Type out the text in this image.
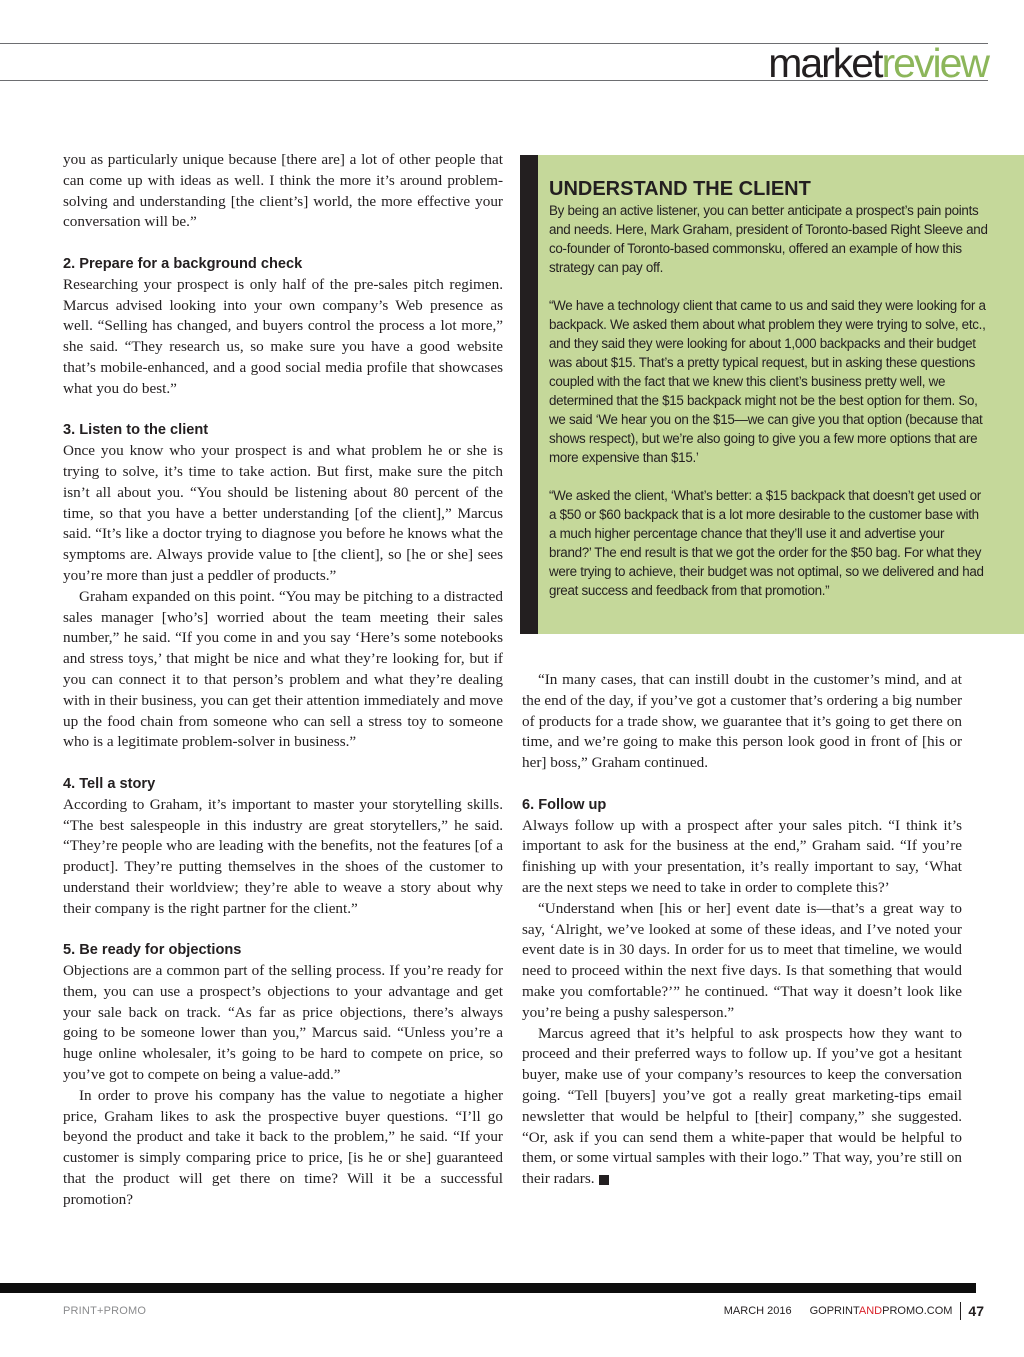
marketreview

you as particularly unique because [there are] a lot of other people that can come up with ideas as well. I think the more it’s around problem-solving and understanding [the client’s] world, the more effective your conversation will be.”

2. Prepare for a background check

Researching your prospect is only half of the pre-sales pitch regimen. Marcus advised looking into your own company’s Web presence as well. “Selling has changed, and buyers control the process a lot more,” she said. “They research us, so make sure you have a good website that’s mobile-enhanced, and a good social media profile that showcases what you do best.”

3. Listen to the client

Once you know who your prospect is and what problem he or she is trying to solve, it’s time to take action. But first, make sure the pitch isn’t all about you. “You should be listening about 80 percent of the time, so that you have a better understanding [of the client],” Marcus said. “It’s like a doctor trying to diagnose you before he knows what the symptoms are. Always provide value to [the client], so [he or she] sees you’re more than just a peddler of products.”

Graham expanded on this point. “You may be pitching to a distracted sales manager [who’s] worried about the team meeting their sales number,” he said. “If you come in and you say ‘Here’s some notebooks and stress toys,’ that might be nice and what they’re looking for, but if you can connect it to that person’s problem and what they’re dealing with in their business, you can get their attention immediately and move up the food chain from someone who can sell a stress toy to someone who is a legitimate problem-solver in business.”

4. Tell a story

According to Graham, it’s important to master your storytelling skills. “The best salespeople in this industry are great storytellers,” he said. “They’re people who are leading with the benefits, not the features [of a product]. They’re putting themselves in the shoes of the customer to understand their worldview; they’re able to weave a story about why their company is the right partner for the client.”

5. Be ready for objections

Objections are a common part of the selling process. If you’re ready for them, you can use a prospect’s objections to your advantage and get your sale back on track. “As far as price objections, there’s always going to be someone lower than you,” Marcus said. “Unless you’re a huge online wholesaler, it’s going to be hard to compete on price, so you’ve got to compete on being a value-add.”

In order to prove his company has the value to negotiate a higher price, Graham likes to ask the prospective buyer questions. “I’ll go beyond the product and take it back to the problem,” he said. “If your customer is simply comparing price to price, [is he or she] guaranteed that the product will get there on time? Will it be a successful promotion?

UNDERSTAND THE CLIENT

By being an active listener, you can better anticipate a prospect’s pain points and needs. Here, Mark Graham, president of Toronto-based Right Sleeve and co-founder of Toronto-based commonsku, offered an example of how this strategy can pay off.

“We have a technology client that came to us and said they were looking for a backpack. We asked them about what problem they were trying to solve, etc., and they said they were looking for about 1,000 backpacks and their budget was about $15. That’s a pretty typical request, but in asking these questions coupled with the fact that we knew this client’s business pretty well, we determined that the $15 backpack might not be the best option for them. So, we said ‘We hear you on the $15—we can give you that option (because that shows respect), but we’re also going to give you a few more options that are more expensive than $15.’

“We asked the client, ‘What’s better: a $15 backpack that doesn’t get used or a $50 or $60 backpack that is a lot more desirable to the customer base with a much higher percentage chance that they’ll use it and advertise your brand?’ The end result is that we got the order for the $50 bag. For what they were trying to achieve, their budget was not optimal, so we delivered and had great success and feedback from that promotion.”

“In many cases, that can instill doubt in the customer’s mind, and at the end of the day, if you’ve got a customer that’s ordering a big number of products for a trade show, we guarantee that it’s going to get there on time, and we’re going to make this person look good in front of [his or her] boss,” Graham continued.

6. Follow up

Always follow up with a prospect after your sales pitch. “I think it’s important to ask for the business at the end,” Graham said. “If you’re finishing up with your presentation, it’s really important to say, ‘What are the next steps we need to take in order to complete this?’

“Understand when [his or her] event date is—that’s a great way to say, ‘Alright, we’ve looked at some of these ideas, and I’ve noted your event date is in 30 days. In order for us to meet that timeline, we would need to proceed within the next five days. Is that something that would make you comfortable?’” he continued. “That way it doesn’t look like you’re being a pushy salesperson.”

Marcus agreed that it’s helpful to ask prospects how they want to proceed and their preferred ways to follow up. If you’ve got a hesitant buyer, make use of your company’s resources to keep the conversation going. “Tell [buyers] you’ve got a really great marketing-tips email newsletter that would be helpful to [their] company,” she suggested. “Or, ask if you can send them a white-paper that would be helpful to them, or some virtual samples with their logo.” That way, you’re still on their radars. +

PRINT+PROMO	MARCH 2016 GOPRINTANDPROMO.COM 47
